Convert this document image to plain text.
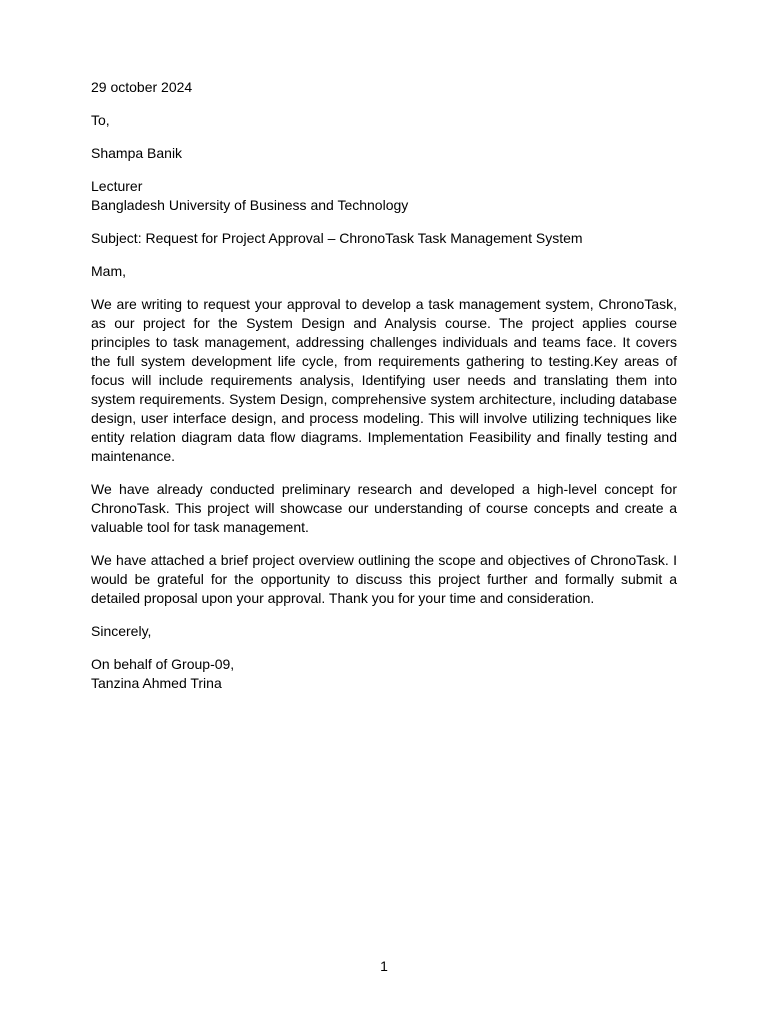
29 october 2024

To,

Shampa Banik

Lecturer
Bangladesh University of Business and Technology

Subject: Request for Project Approval – ChronoTask Task Management System

Mam,

We are writing to request your approval to develop a task management system, ChronoTask, as our project for the System Design and Analysis course. The project applies course principles to task management, addressing challenges individuals and teams face. It covers the full system development life cycle, from requirements gathering to testing.Key areas of focus will include requirements analysis, Identifying user needs and translating them into system requirements. System Design, comprehensive system architecture, including database design, user interface design, and process modeling. This will involve utilizing techniques like entity relation diagram data flow diagrams. Implementation Feasibility and finally testing and maintenance.

We have already conducted preliminary research and developed a high-level concept for ChronoTask. This project will showcase our understanding of course concepts and create a valuable tool for task management.

We have attached a brief project overview outlining the scope and objectives of ChronoTask. I would be grateful for the opportunity to discuss this project further and formally submit a detailed proposal upon your approval. Thank you for your time and consideration.

Sincerely,

On behalf of Group-09,
Tanzina Ahmed Trina

1
